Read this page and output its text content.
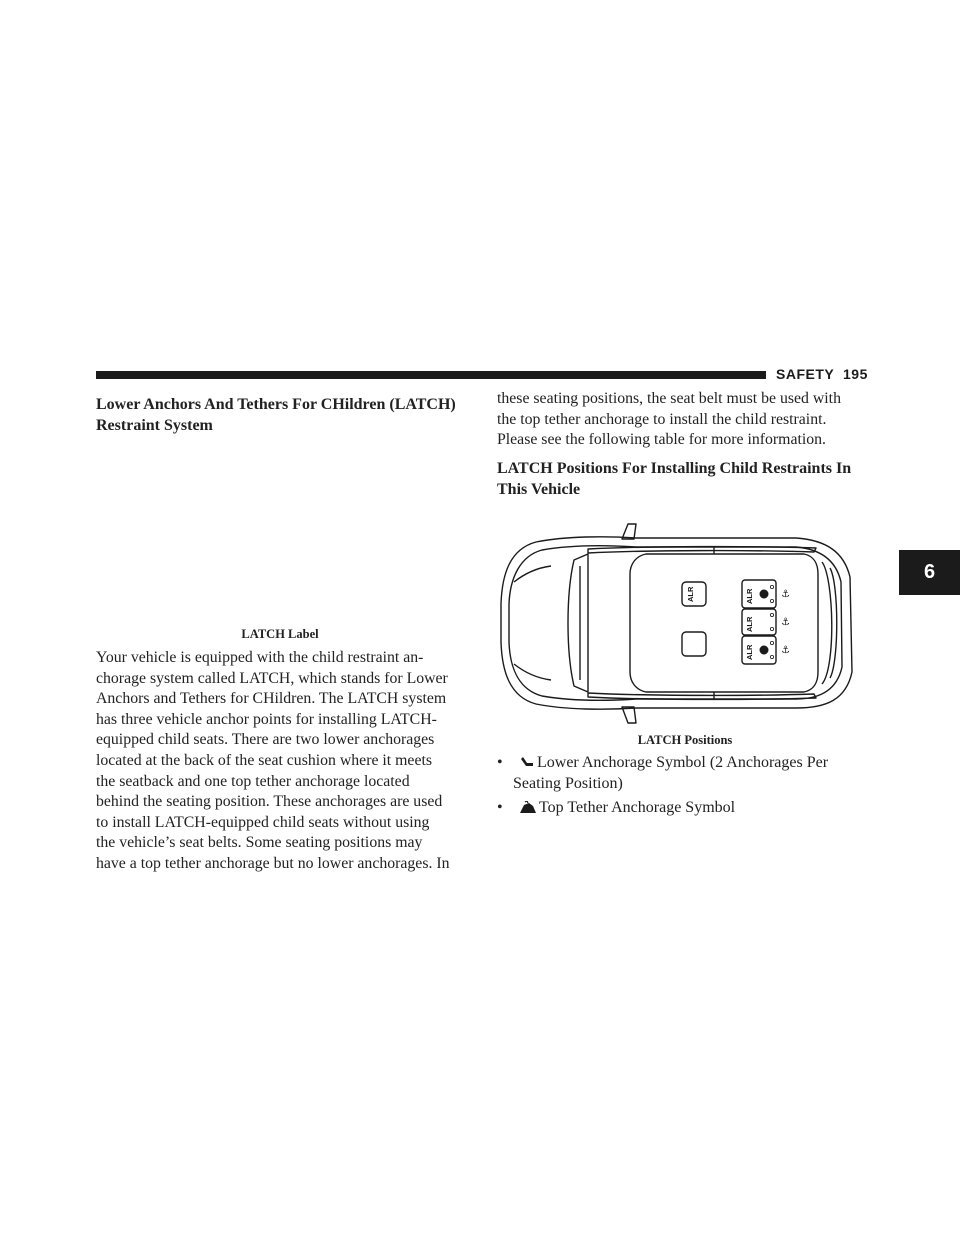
SAFETY 195
6
Lower Anchors And Tethers For CHildren (LATCH) Restraint System
LATCH Label

Your vehicle is equipped with the child restraint an-

chorage system called LATCH, which stands for Lower

Anchors and Tethers for CHildren. The LATCH system

has three vehicle anchor points for installing LATCH-

equipped child seats. There are two lower anchorages

located at the back of the seat cushion where it meets

the seatback and one top tether anchorage located

behind the seating position. These anchorages are used

to install LATCH-equipped child seats without using

the vehicle’s seat belts. Some seating positions may

have a top tether anchorage but no lower anchorages. In

these seating positions, the seat belt must be used with

the top tether anchorage to install the child restraint.

Please see the following table for more information.

LATCH Positions For Installing Child Restraints In This Vehicle
ALR	ALR
ALR
ALR
⚓
⚓
⚓
LATCH Positions
• Lower Anchorage Symbol (2 Anchorages Per
Seating Position)
• Top Tether Anchorage Symbol
